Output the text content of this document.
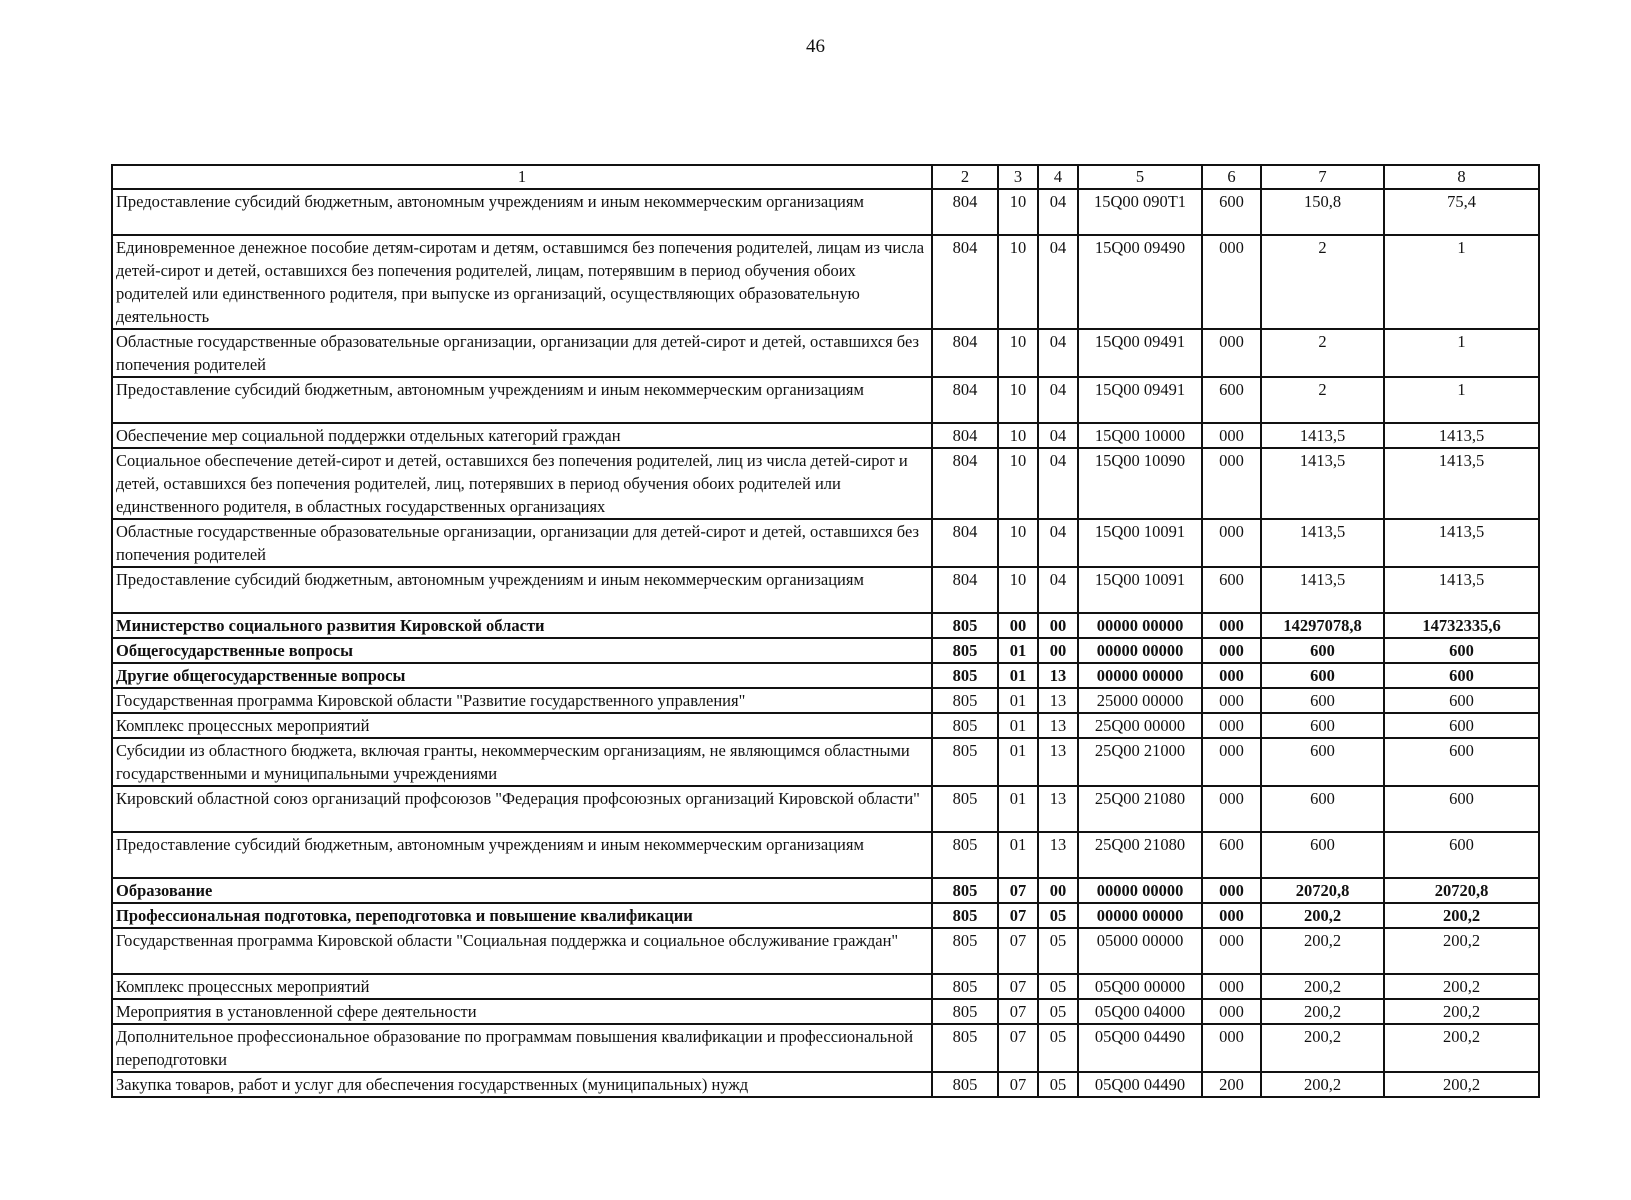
46
1	2	3	4	5	6	7	8
Предоставление субсидий бюджетным, автономным учреждениям и иным некоммерческим организациям	804	10	04	15Q00 090Т1	600	150,8	75,4
Единовременное денежное пособие детям-сиротам и детям, оставшимся без попечения родителей, лицам из числа детей-сирот и детей, оставшихся без попечения родителей, лицам, потерявшим в период обучения обоих родителей или единственного родителя, при выпуске из организаций, осуществляющих образовательную деятельность	804	10	04	15Q00 09490	000	2	1
Областные государственные образовательные организации, организации для детей-сирот и детей, оставшихся без попечения родителей	804	10	04	15Q00 09491	000	2	1
Предоставление субсидий бюджетным, автономным учреждениям и иным некоммерческим организациям	804	10	04	15Q00 09491	600	2	1
Обеспечение мер социальной поддержки отдельных категорий граждан	804	10	04	15Q00 10000	000	1413,5	1413,5
Социальное обеспечение детей-сирот и детей, оставшихся без попечения родителей, лиц из числа детей-сирот и детей, оставшихся без попечения родителей, лиц, потерявших в период обучения обоих родителей или единственного родителя, в областных государственных организациях	804	10	04	15Q00 10090	000	1413,5	1413,5
Областные государственные образовательные организации, организации для детей-сирот и детей, оставшихся без попечения родителей	804	10	04	15Q00 10091	000	1413,5	1413,5
Предоставление субсидий бюджетным, автономным учреждениям и иным некоммерческим организациям	804	10	04	15Q00 10091	600	1413,5	1413,5
Министерство социального развития Кировской области	805	00	00	00000 00000	000	14297078,8	14732335,6
Общегосударственные вопросы	805	01	00	00000 00000	000	600	600
Другие общегосударственные вопросы	805	01	13	00000 00000	000	600	600
Государственная программа Кировской области "Развитие государственного управления"	805	01	13	25000 00000	000	600	600
Комплекс процессных мероприятий	805	01	13	25Q00 00000	000	600	600
Субсидии из областного бюджета, включая гранты, некоммерческим организациям, не являющимся областными государственными и муниципальными учреждениями	805	01	13	25Q00 21000	000	600	600
Кировский областной союз организаций профсоюзов "Федерация профсоюзных организаций Кировской области"	805	01	13	25Q00 21080	000	600	600
Предоставление субсидий бюджетным, автономным учреждениям и иным некоммерческим организациям	805	01	13	25Q00 21080	600	600	600
Образование	805	07	00	00000 00000	000	20720,8	20720,8
Профессиональная подготовка, переподготовка и повышение квалификации	805	07	05	00000 00000	000	200,2	200,2
Государственная программа Кировской области "Социальная поддержка и социальное обслуживание граждан"	805	07	05	05000 00000	000	200,2	200,2
Комплекс процессных мероприятий	805	07	05	05Q00 00000	000	200,2	200,2
Мероприятия в установленной сфере деятельности	805	07	05	05Q00 04000	000	200,2	200,2
Дополнительное профессиональное образование по программам повышения квалификации и профессиональной переподготовки	805	07	05	05Q00 04490	000	200,2	200,2
Закупка товаров, работ и услуг для обеспечения государственных (муниципальных) нужд	805	07	05	05Q00 04490	200	200,2	200,2
